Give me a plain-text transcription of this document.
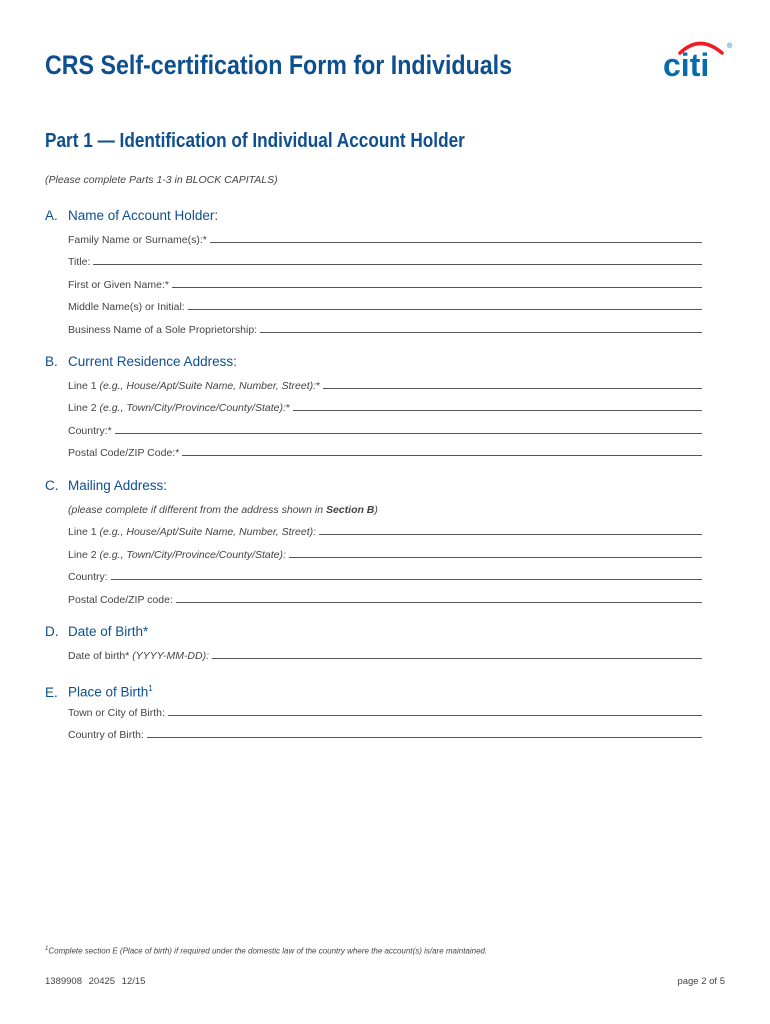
CRS Self-certification Form for Individuals	citi
®
Part 1 — Identification of Individual Account Holder
(Please complete Parts 1-3 in BLOCK CAPITALS)
A. Name of Account Holder:
Family Name or Surname(s):*
Title:
First or Given Name:*
Middle Name(s) or Initial:
Business Name of a Sole Proprietorship:
B. Current Residence Address:
Line 1 (e.g., House/Apt/Suite Name, Number, Street):*
Line 2 (e.g., Town/City/Province/County/State):*
Country:*
Postal Code/ZIP Code:*
C. Mailing Address:
(please complete if different from the address shown in Section B)
Line 1 (e.g., House/Apt/Suite Name, Number, Street):
Line 2 (e.g., Town/City/Province/County/State):
Country:
Postal Code/ZIP code:
D. Date of Birth*
Date of birth* (YYYY-MM-DD):
E. Place of Birth$^1$
Town or City of Birth:
Country of Birth:
$^1$Complete section E (Place of birth) if required under the domestic law of the country where the account(s) is/are maintained.
1389908 20425 12/15	page 2 of 5
